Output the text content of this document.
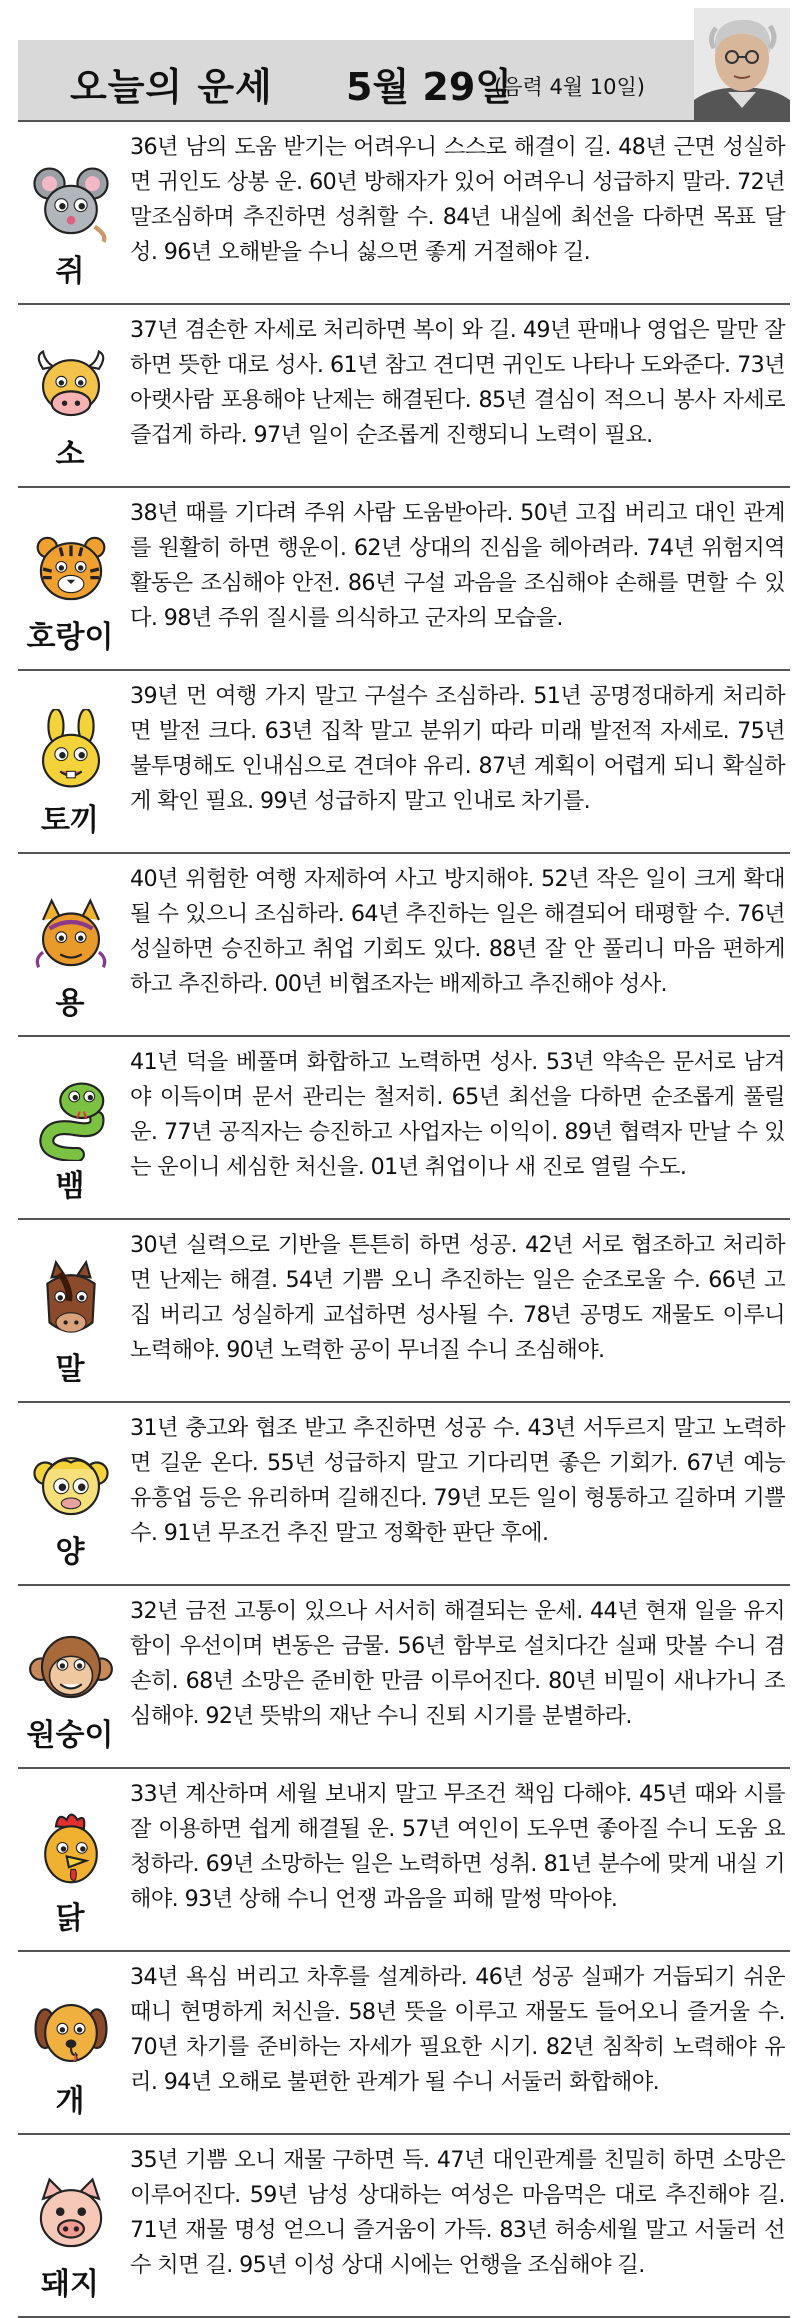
오늘의 운세 5월 29일
(음력 4월 10일)
쥐
36년 남의 도움 받기는 어려우니 스스로 해결이 길. 48년 근면 성실하면 귀인도 상봉 운. 60년 방해자가 있어 어려우니 성급하지 말라. 72년 말조심하며 추진하면 성취할 수. 84년 내실에 최선을 다하면 목표 달성. 96년 오해받을 수니 싫으면 좋게 거절해야 길.
소
37년 겸손한 자세로 처리하면 복이 와 길. 49년 판매나 영업은 말만 잘하면 뜻한 대로 성사. 61년 참고 견디면 귀인도 나타나 도와준다. 73년 아랫사람 포용해야 난제는 해결된다. 85년 결심이 적으니 봉사 자세로 즐겁게 하라. 97년 일이 순조롭게 진행되니 노력이 필요.
호랑이
38년 때를 기다려 주위 사람 도움받아라. 50년 고집 버리고 대인 관계를 원활히 하면 행운이. 62년 상대의 진심을 헤아려라. 74년 위험지역 활동은 조심해야 안전. 86년 구설 과음을 조심해야 손해를 면할 수 있다. 98년 주위 질시를 의식하고 군자의 모습을.
토끼
39년 먼 여행 가지 말고 구설수 조심하라. 51년 공명정대하게 처리하면 발전 크다. 63년 집착 말고 분위기 따라 미래 발전적 자세로. 75년 불투명해도 인내심으로 견뎌야 유리. 87년 계획이 어렵게 되니 확실하게 확인 필요. 99년 성급하지 말고 인내로 차기를.
용
40년 위험한 여행 자제하여 사고 방지해야. 52년 작은 일이 크게 확대될 수 있으니 조심하라. 64년 추진하는 일은 해결되어 태평할 수. 76년 성실하면 승진하고 취업 기회도 있다. 88년 잘 안 풀리니 마음 편하게 하고 추진하라. 00년 비협조자는 배제하고 추진해야 성사.
뱀
41년 덕을 베풀며 화합하고 노력하면 성사. 53년 약속은 문서로 남겨야 이득이며 문서 관리는 철저히. 65년 최선을 다하면 순조롭게 풀릴 운. 77년 공직자는 승진하고 사업자는 이익이. 89년 협력자 만날 수 있는 운이니 세심한 처신을. 01년 취업이나 새 진로 열릴 수도.
말
30년 실력으로 기반을 튼튼히 하면 성공. 42년 서로 협조하고 처리하면 난제는 해결. 54년 기쁨 오니 추진하는 일은 순조로울 수. 66년 고집 버리고 성실하게 교섭하면 성사될 수. 78년 공명도 재물도 이루니 노력해야. 90년 노력한 공이 무너질 수니 조심해야.
양
31년 충고와 협조 받고 추진하면 성공 수. 43년 서두르지 말고 노력하면 길운 온다. 55년 성급하지 말고 기다리면 좋은 기회가. 67년 예능 유흥업 등은 유리하며 길해진다. 79년 모든 일이 형통하고 길하며 기쁠 수. 91년 무조건 추진 말고 정확한 판단 후에.
원숭이
32년 금전 고통이 있으나 서서히 해결되는 운세. 44년 현재 일을 유지함이 우선이며 변동은 금물. 56년 함부로 설치다간 실패 맛볼 수니 겸손히. 68년 소망은 준비한 만큼 이루어진다. 80년 비밀이 새나가니 조심해야. 92년 뜻밖의 재난 수니 진퇴 시기를 분별하라.
닭
33년 계산하며 세월 보내지 말고 무조건 책임 다해야. 45년 때와 시를 잘 이용하면 쉽게 해결될 운. 57년 여인이 도우면 좋아질 수니 도움 요청하라. 69년 소망하는 일은 노력하면 성취. 81년 분수에 맞게 내실 기해야. 93년 상해 수니 언쟁 과음을 피해 말썽 막아야.
개
34년 욕심 버리고 차후를 설계하라. 46년 성공 실패가 거듭되기 쉬운 때니 현명하게 처신을. 58년 뜻을 이루고 재물도 들어오니 즐거울 수. 70년 차기를 준비하는 자세가 필요한 시기. 82년 침착히 노력해야 유리. 94년 오해로 불편한 관계가 될 수니 서둘러 화합해야.
돼지
35년 기쁨 오니 재물 구하면 득. 47년 대인관계를 친밀히 하면 소망은 이루어진다. 59년 남성 상대하는 여성은 마음먹은 대로 추진해야 길. 71년 재물 명성 얻으니 즐거움이 가득. 83년 허송세월 말고 서둘러 선수 치면 길. 95년 이성 상대 시에는 언행을 조심해야 길.
